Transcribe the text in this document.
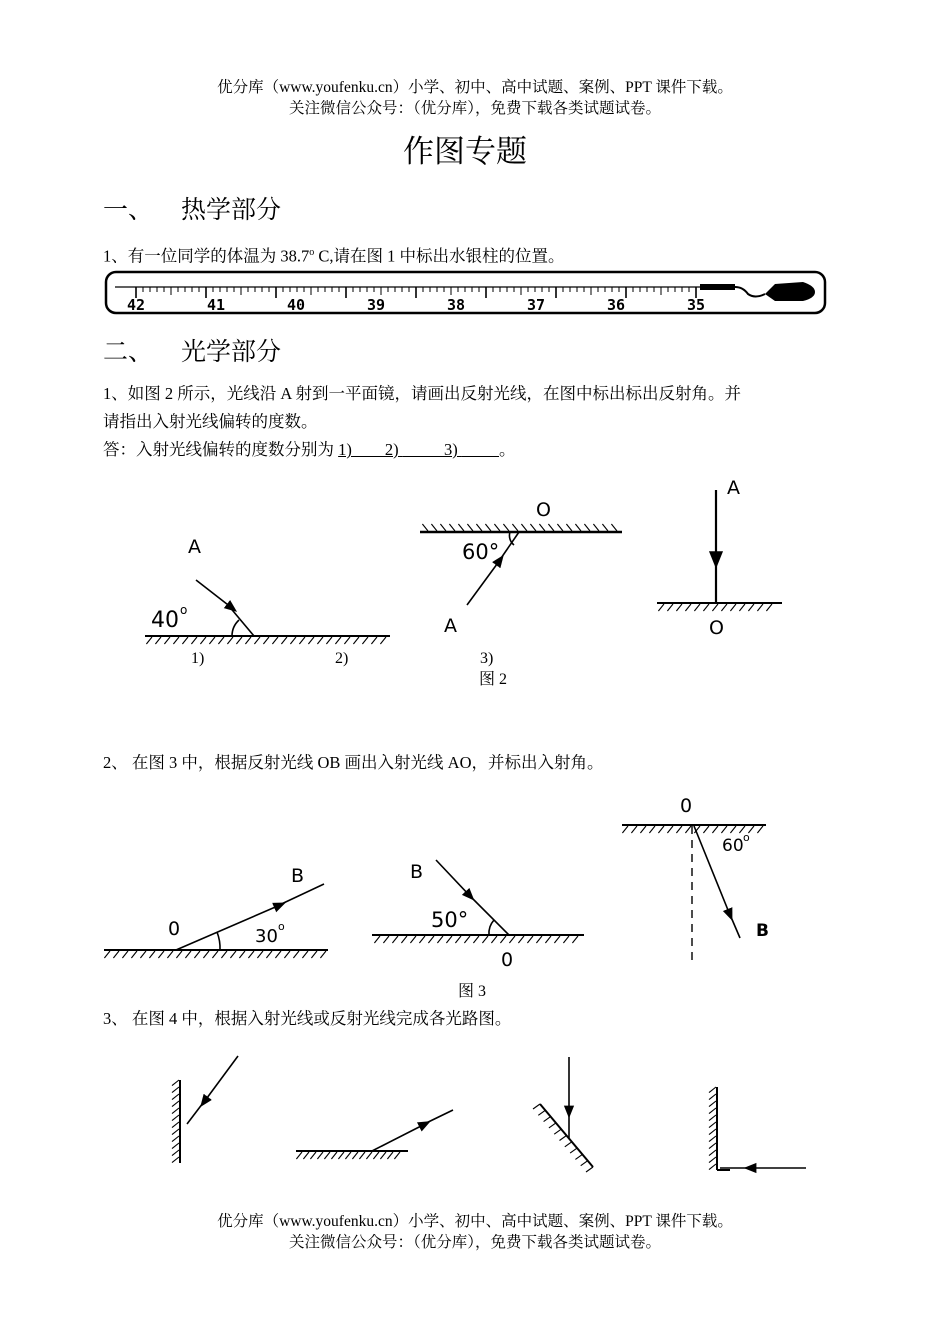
优分库（www.youfenku.cn）小学、初中、高中试题、案例、PPT 课件下载。
关注微信公众号：（优分库），免费下载各类试题试卷。
作图专题
一、 热学部分
1、有一位同学的体温为 38.7$^o$ C,请在图 1 中标出水银柱的位置。
42	41	40	39	38	37	36	35
二、 光学部分
1、如图 2 所示，光线沿 A 射到一平面镜，请画出反射光线，在图中标出标出反射角。并
请指出入射光线偏转的度数。
答：入射光线偏转的度数分别为 1)        2)           3)          。
A
40 o
O
A
60°
A
O
1)	2)	3)
图 2
2、 在图 3 中，根据反射光线 OB 画出入射光线 AO，并标出入射角。
B
0	30 o
B
0
50°
0
B
60 o
图 3
3、 在图 4 中，根据入射光线或反射光线完成各光路图。
优分库（www.youfenku.cn）小学、初中、高中试题、案例、PPT 课件下载。
关注微信公众号：（优分库），免费下载各类试题试卷。
